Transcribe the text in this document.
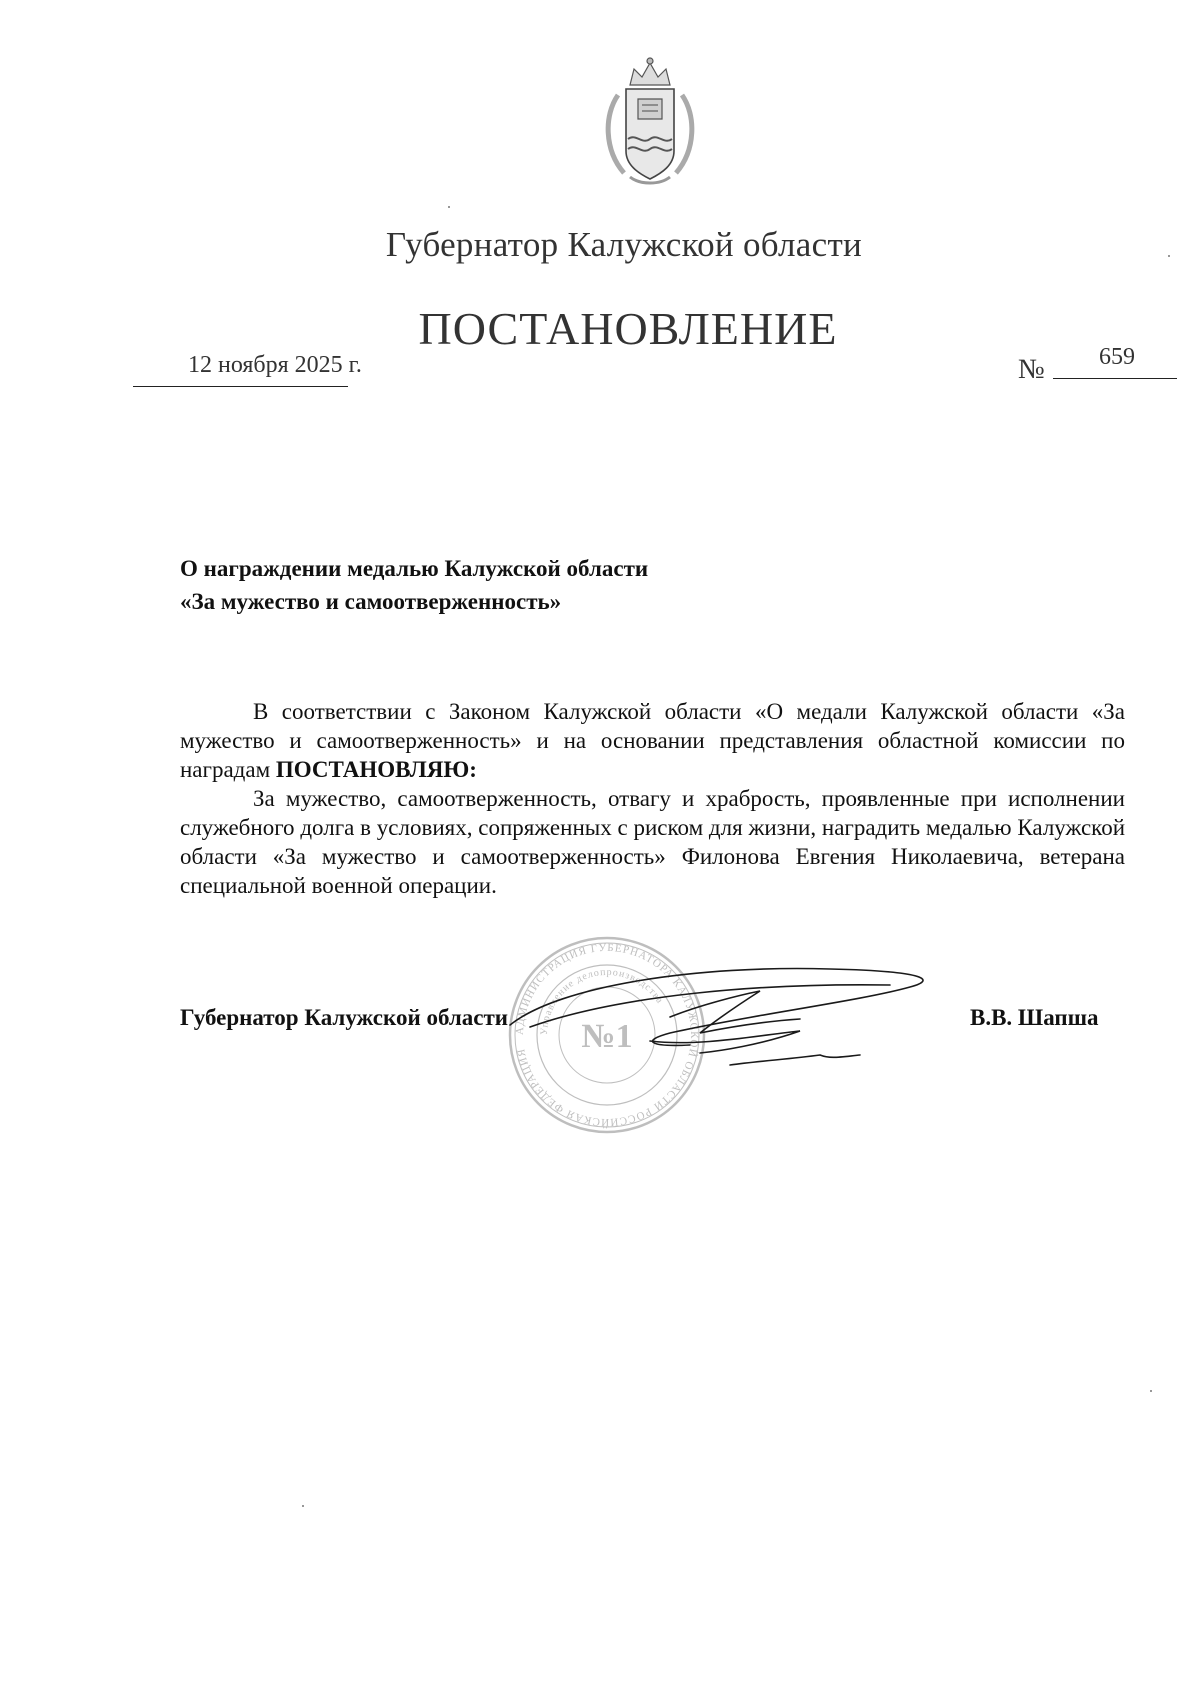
Губернатор Калужской области
ПОСТАНОВЛЕНИЕ
12 ноября 2025 г.	№ 659
О награждении медалью Калужской области
«За мужество и самоотверженность»

В соответствии с Законом Калужской области «О медали Калужской области «За мужество и самоотверженность» и на основании представления областной комиссии по наградам ПОСТАНОВЛЯЮ:

За мужество, самоотверженность, отвагу и храбрость, проявленные при исполнении служебного долга в условиях, сопряженных с риском для жизни, наградить медалью Калужской области «За мужество и самоотверженность» Филонова Евгения Николаевича, ветерана специальной военной операции.

АДМИНИСТРАЦИЯ ГУБЕРНАТОРА КАЛУЖСКОЙ ОБЛАСТИ РОССИЙСКАЯ ФЕДЕРАЦИЯ
Управление делопроизводства
№1
Губернатор Калужской области	В.В. Шапша
